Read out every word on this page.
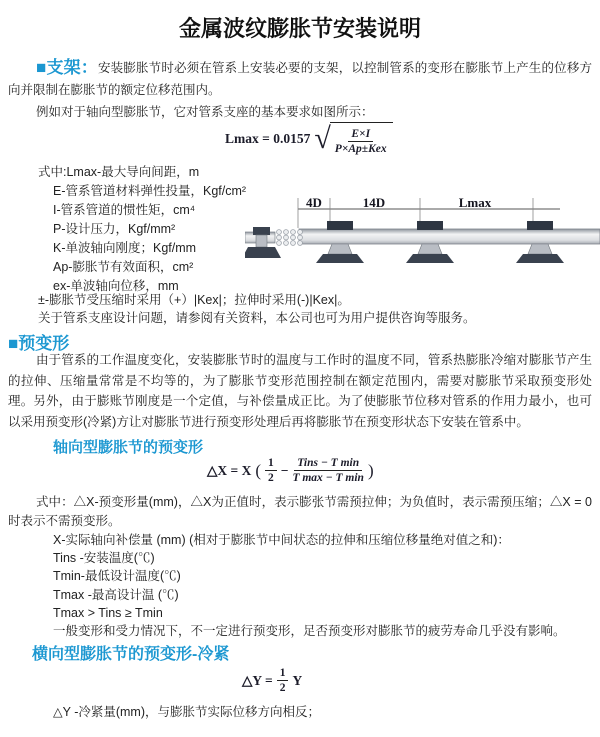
金属波纹膨胀节安装说明
■支架：安装膨胀节时必须在管系上安装必要的支架，以控制管系的变形在膨胀节上产生的位移方向并限制在膨胀节的额定位移范围内。
例如对于轴向型膨胀节，它对管系支座的基本要求如图所示：
Lmax = 0.0157 √ $\frac{E\times I}{\text{P×Ap±Kex}}$
式中:Lmax-最大导向间距，m
E-管系管道材料弹性投量，Kgf/cm²
I-管系管道的惯性矩，cm⁴
P-设计压力，Kgf/mm²
K-单波轴向刚度；Kgf/mm
Ap-膨胀节有效面积，cm²
ex-单波轴向位移，mm
±-膨胀节受压缩时采用（+）|Kex|；拉伸时采用(-)|Kex|。
关于管系支座设计问题，请参阅有关资料，本公司也可为用户提供咨询等服务。
4D	14D	Lmax
■预变形
由于管系的工作温度变化，安装膨胀节时的温度与工作时的温度不同，管系热膨胀冷缩对膨胀节产生的拉伸、压缩量常常是不均等的，为了膨胀节变形范围控制在额定范围内，需要对膨胀节采取预变形处理。另外，由于膨账节刚度是一个定值，与补偿量成正比。为了使膨胀节位移对管系的作用力最小，也可以采用预变形(冷紧)方让对膨胀节进行预变形处理后再将膨胀节在预变形状态下安装在管系中。
轴向型膨胀节的预变形
△X = X ( $\frac{1}{2} - \frac{\text{Tins − T min}}{\text{T max − T min}}$ )
式中：△X-预变形量(mm)，△X为正值时，表示膨张节需预拉伸；为负值时，表示需预压缩；△X = 0时表示不需预变形。
X-实际轴向补偿量 (mm) (相对于膨胀节中间状态的拉伸和压缩位移量绝对值之和)：
Tins -安装温度(℃)
Tmin-最低设计温度(℃)
Tmax -最高设计温 (℃)
Tmax > Tins ≥ Tmin
一般变形和受力情况下，不一定进行预变形，足否预变形对膨胀节的疲劳寿命几乎没有影响。
横向型膨胀节的预变形-冷紧
△Y = $\frac{1}{2}$ Y
△Y -冷紧量(mm)，与膨胀节实际位移方向相反；
